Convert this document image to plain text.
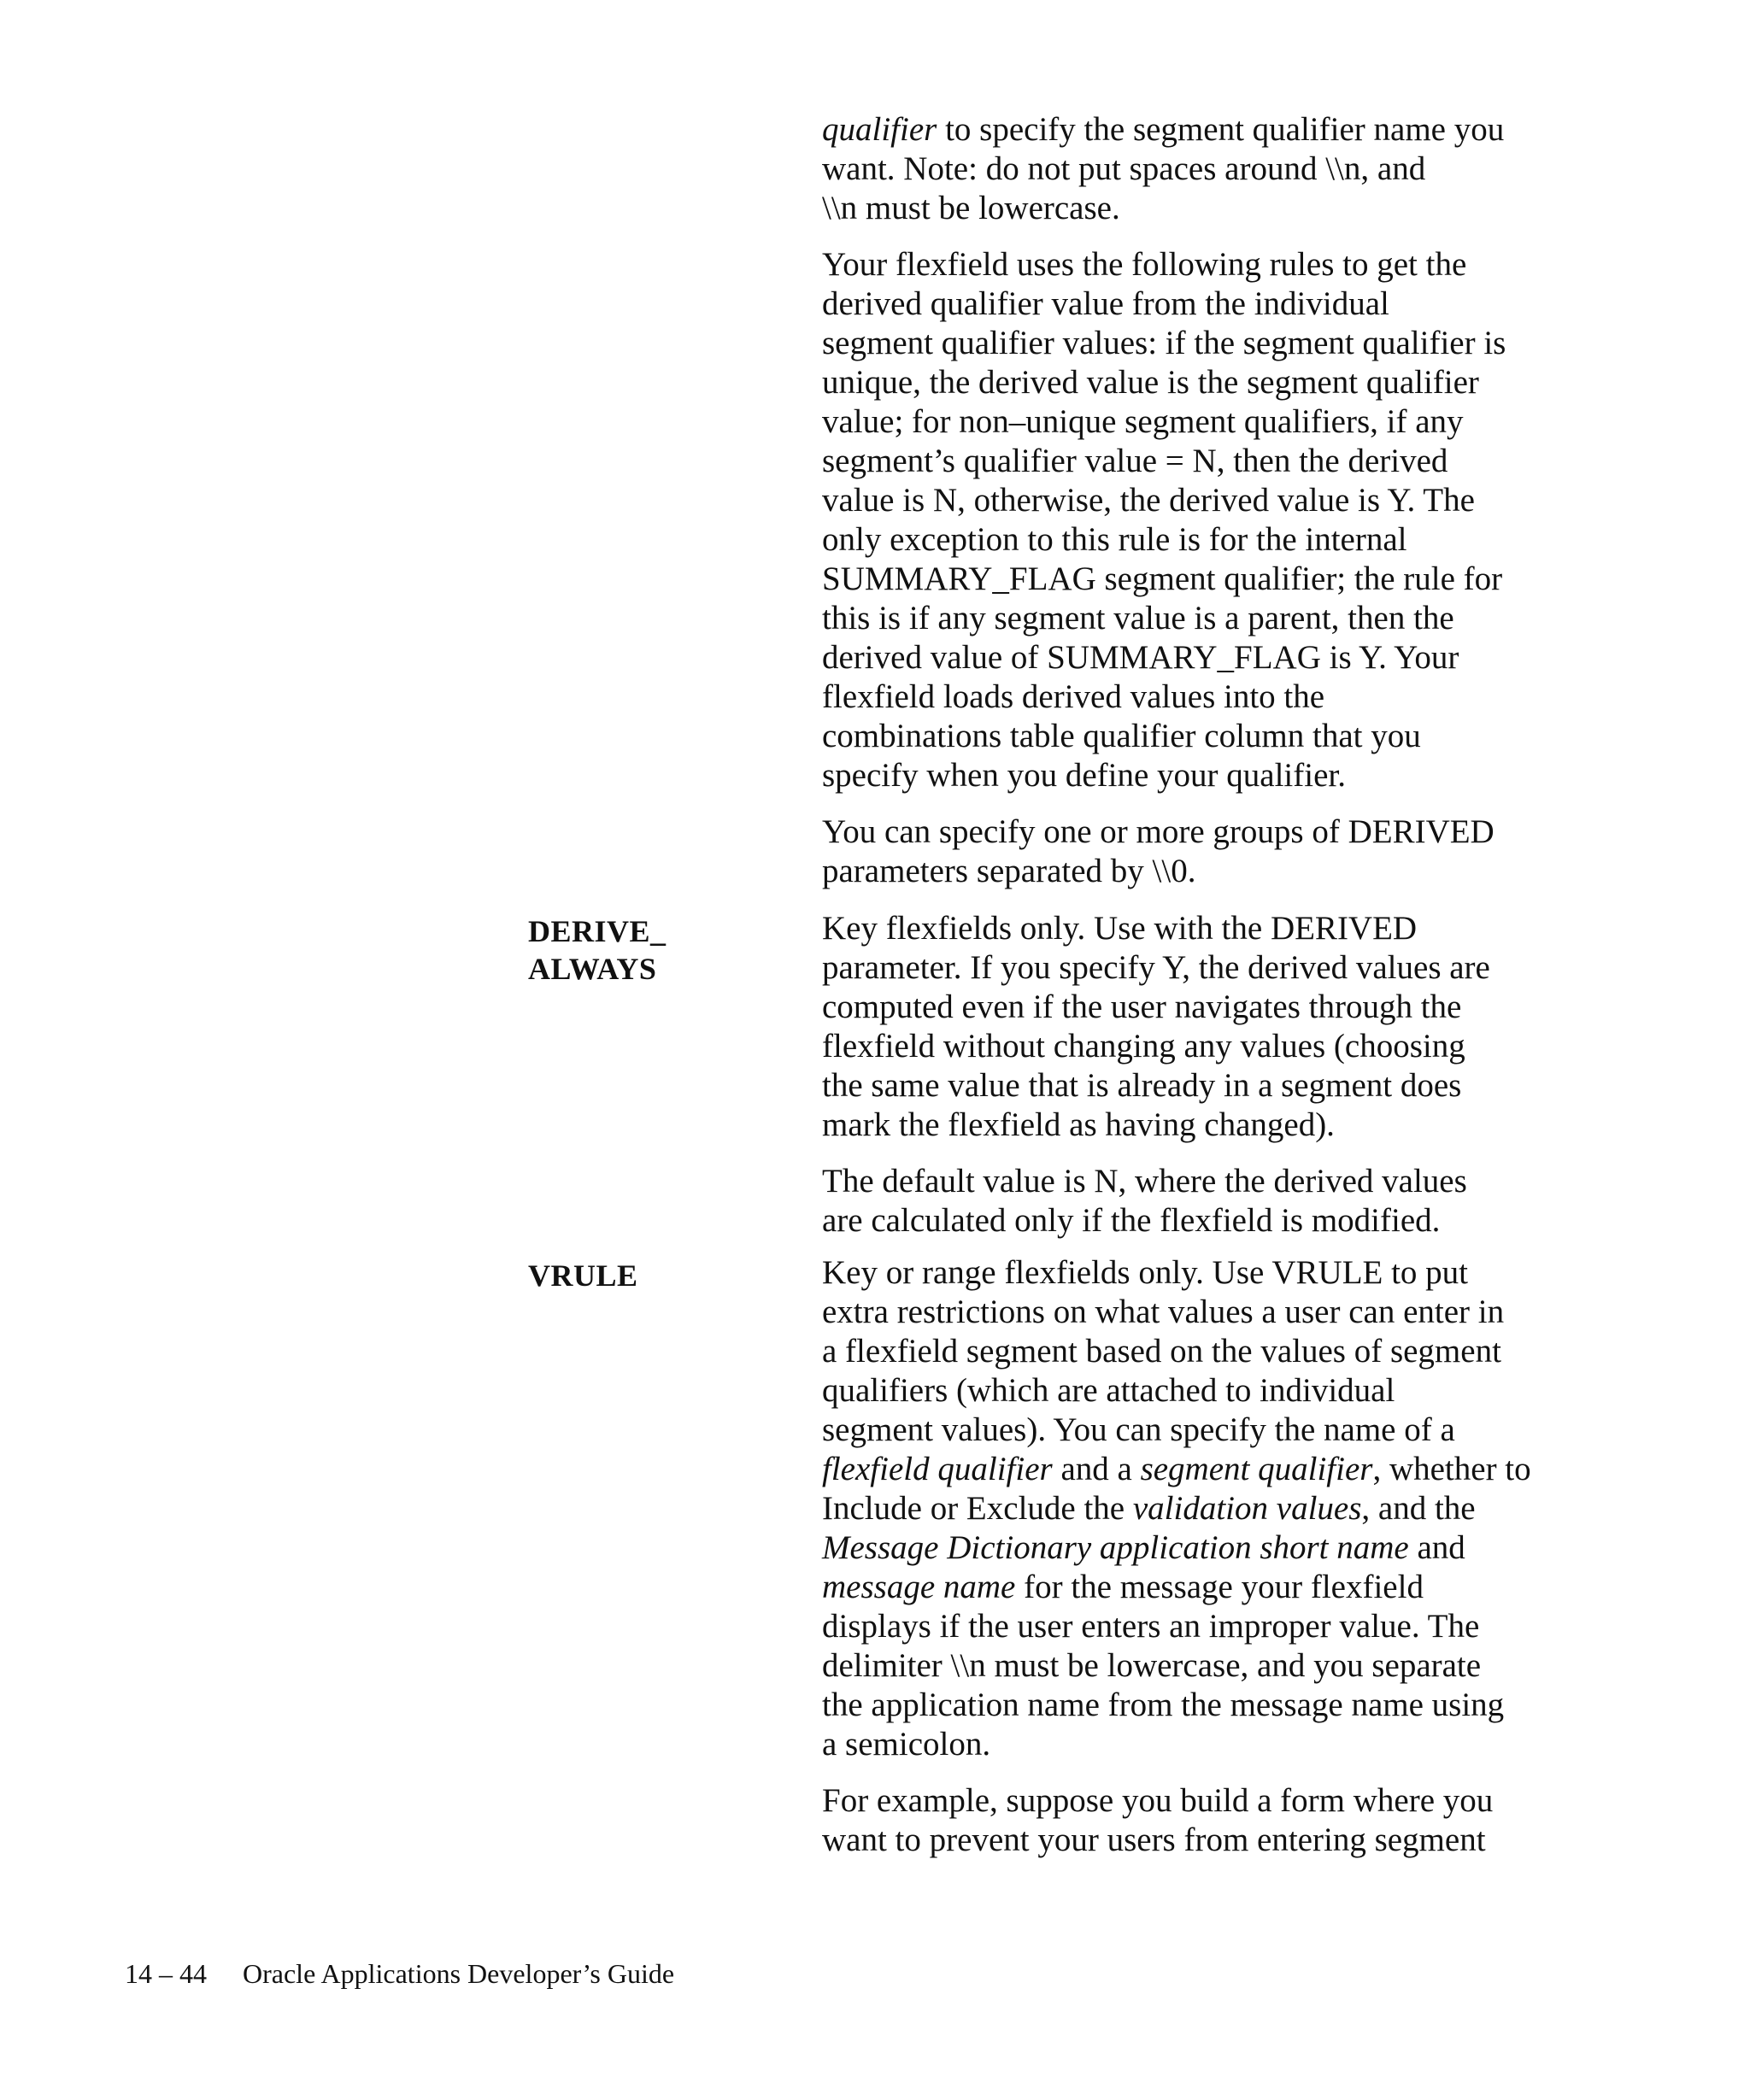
qualifier to specify the segment qualifier name you
want. Note: do not put spaces around \\n, and
\\n must be lowercase.

Your flexfield uses the following rules to get the
derived qualifier value from the individual
segment qualifier values: if the segment qualifier is
unique, the derived value is the segment qualifier
value; for non–unique segment qualifiers, if any
segment’s qualifier value = N, then the derived
value is N, otherwise, the derived value is Y. The
only exception to this rule is for the internal
SUMMARY_FLAG segment qualifier; the rule for
this is if any segment value is a parent, then the
derived value of SUMMARY_FLAG is Y. Your
flexfield loads derived values into the
combinations table qualifier column that you
specify when you define your qualifier.

You can specify one or more groups of DERIVED
parameters separated by \\0.

DERIVE_
ALWAYS

Key flexfields only. Use with the DERIVED
parameter. If you specify Y, the derived values are
computed even if the user navigates through the
flexfield without changing any values (choosing
the same value that is already in a segment does
mark the flexfield as having changed).

The default value is N, where the derived values
are calculated only if the flexfield is modified.

VRULE	Key or range flexfields only. Use VRULE to put
extra restrictions on what values a user can enter in
a flexfield segment based on the values of segment
qualifiers (which are attached to individual
segment values). You can specify the name of a
flexfield qualifier and a segment qualifier, whether to
Include or Exclude the validation values, and the
Message Dictionary application short name and
message name for the message your flexfield
displays if the user enters an improper value. The
delimiter \\n must be lowercase, and you separate
the application name from the message name using
a semicolon.

For example, suppose you build a form where you
want to prevent your users from entering segment

14 – 44 Oracle Applications Developer’s Guide
